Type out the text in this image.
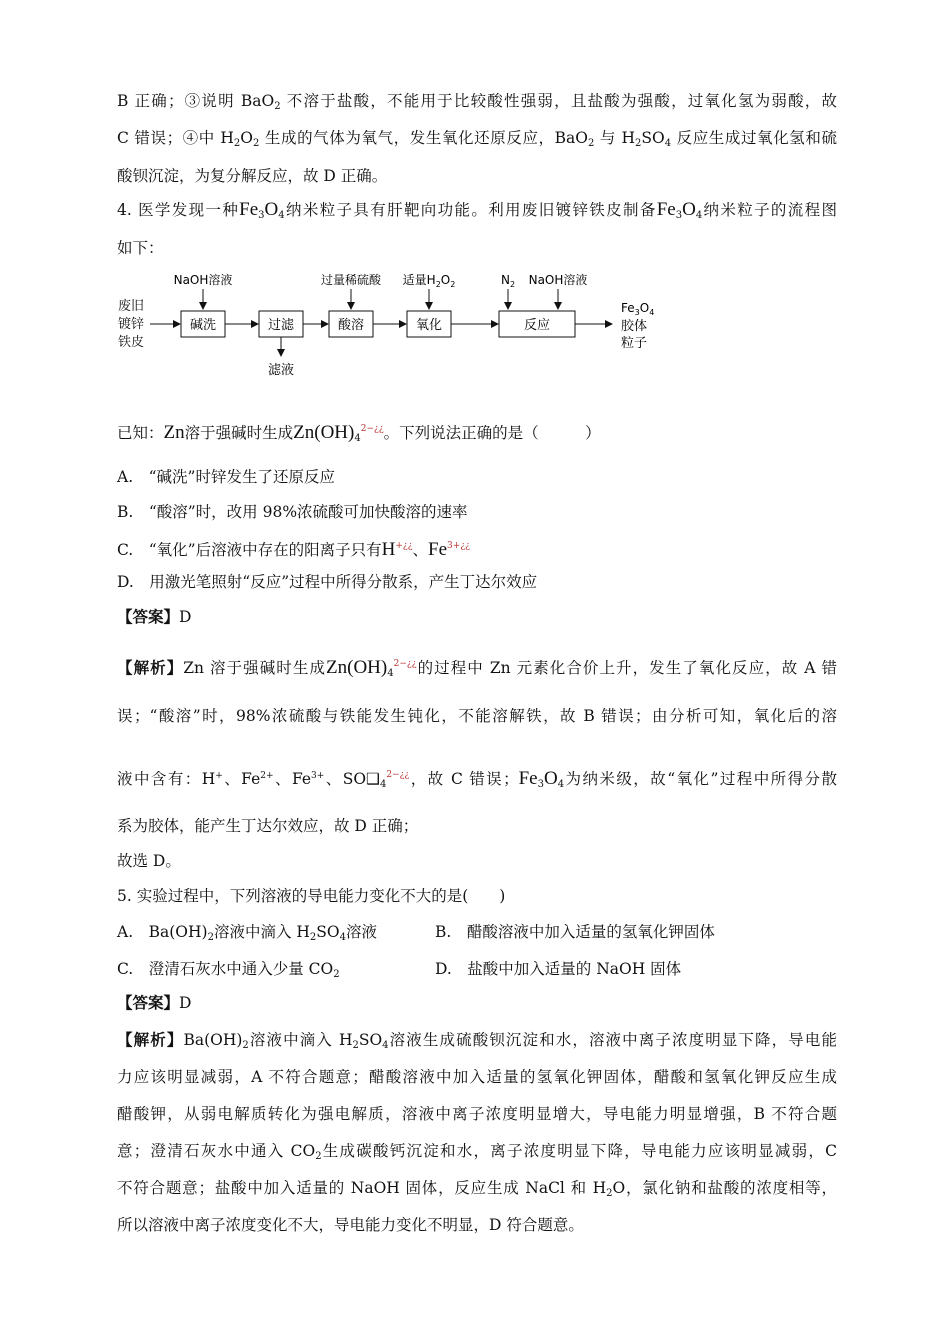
B 正确；③说明 BaO$_2$ 不溶于盐酸，不能用于比较酸性强弱，且盐酸为强酸，过氧化氢为弱酸，故
C 错误；④中 $H_2O_2$ 生成的气体为氧气，发生氧化还原反应，BaO$_2$ 与 $H_2SO_4$ 反应生成过氧化氢和硫
酸钡沉淀，为复分解反应，故 D 正确。
4. 医学发现一种$Fe_3O_4$纳米粒子具有肝靶向功能。利用废旧镀锌铁皮制备$Fe_3O_4$纳米粒子的流程图
如下：
废旧
镀锌
铁皮
碱洗
NaOH溶液
过滤
滤液
酸溶
过量稀硫酸
氧化
适量$H_2O_2$
反应
$N_2$ NaOH溶液
$Fe_3O_4$
胶体
粒子
已知：Zn溶于强碱时生成$Zn(OH)_4^{2-¿¿}$。下列说法正确的是（　　　）
A.　“碱洗”时锌发生了还原反应
B.　“酸溶”时，改用 98%浓硫酸可加快酸溶的速率
C.　“氧化”后溶液中存在的阳离子只有H+¿¿、$Fe^{3+¿¿}$
D.　用激光笔照射“反应”过程中所得分散系，产生丁达尔效应
【答案】D
【解析】Zn 溶于强碱时生成$Zn(OH)_4^{2-¿¿}$的过程中 Zn 元素化合价上升，发生了氧化反应，故 A 错
误；“酸溶”时，98%浓硫酸与铁能发生钝化，不能溶解铁，故 B 错误；由分析可知，氧化后的溶
液中含有：H+、$Fe^{2+}$、$Fe^{3+}$、$SO❑_4^{2-¿¿}$，故 C 错误；$Fe_3O_4$为纳米级，故“氧化”过程中所得分散
系为胶体，能产生丁达尔效应，故 D 正确；
故选 D。
5. 实验过程中，下列溶液的导电能力变化不大的是(　　)
A.　$Ba(OH)_2$溶液中滴入 $H_2SO_4$溶液	B.　醋酸溶液中加入适量的氢氧化钾固体
C.　澄清石灰水中通入少量 $CO_2$	D.　盐酸中加入适量的 NaOH 固体
【答案】D
【解析】$Ba(OH)_2$溶液中滴入 $H_2SO_4$溶液生成硫酸钡沉淀和水，溶液中离子浓度明显下降，导电能
力应该明显减弱，A 不符合题意；醋酸溶液中加入适量的氢氧化钾固体，醋酸和氢氧化钾反应生成
醋酸钾，从弱电解质转化为强电解质，溶液中离子浓度明显增大，导电能力明显增强，B 不符合题
意；澄清石灰水中通入 $CO_2$生成碳酸钙沉淀和水，离子浓度明显下降，导电能力应该明显减弱，C
不符合题意；盐酸中加入适量的 NaOH 固体，反应生成 NaCl 和 $H_2O$，氯化钠和盐酸的浓度相等，
所以溶液中离子浓度变化不大，导电能力变化不明显，D 符合题意。
